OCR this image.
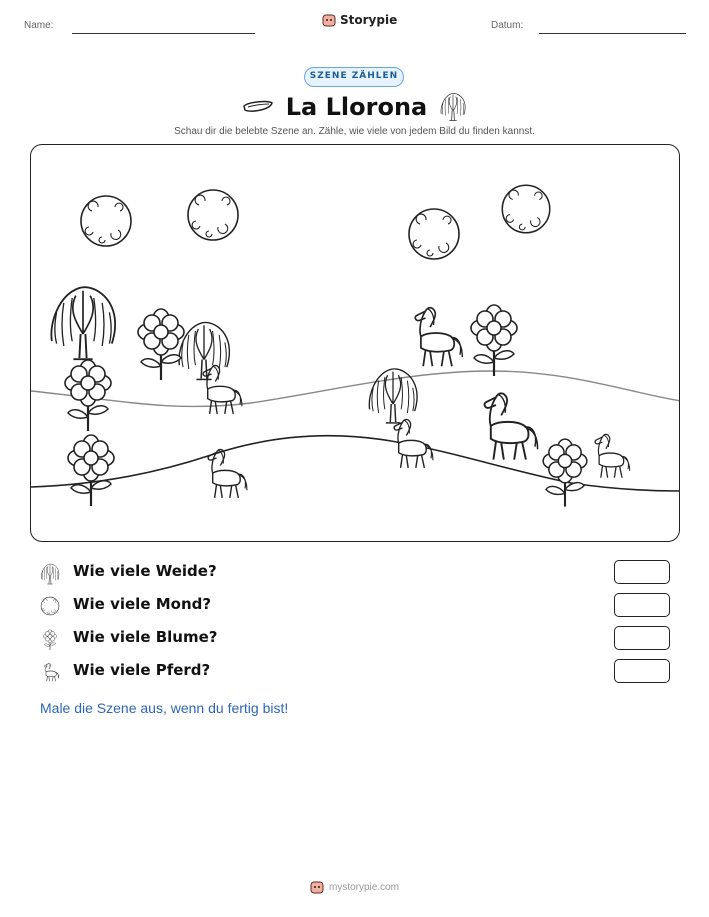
Name:	Storypie	Datum:
SZENE ZÄHLEN
La Llorona
Schau dir die belebte Szene an. Zähle, wie viele von jedem Bild du finden kannst.
Wie viele Weide?
Wie viele Mond?
Wie viele Blume?
Wie viele Pferd?
Male die Szene aus, wenn du fertig bist!
mystorypie.com
